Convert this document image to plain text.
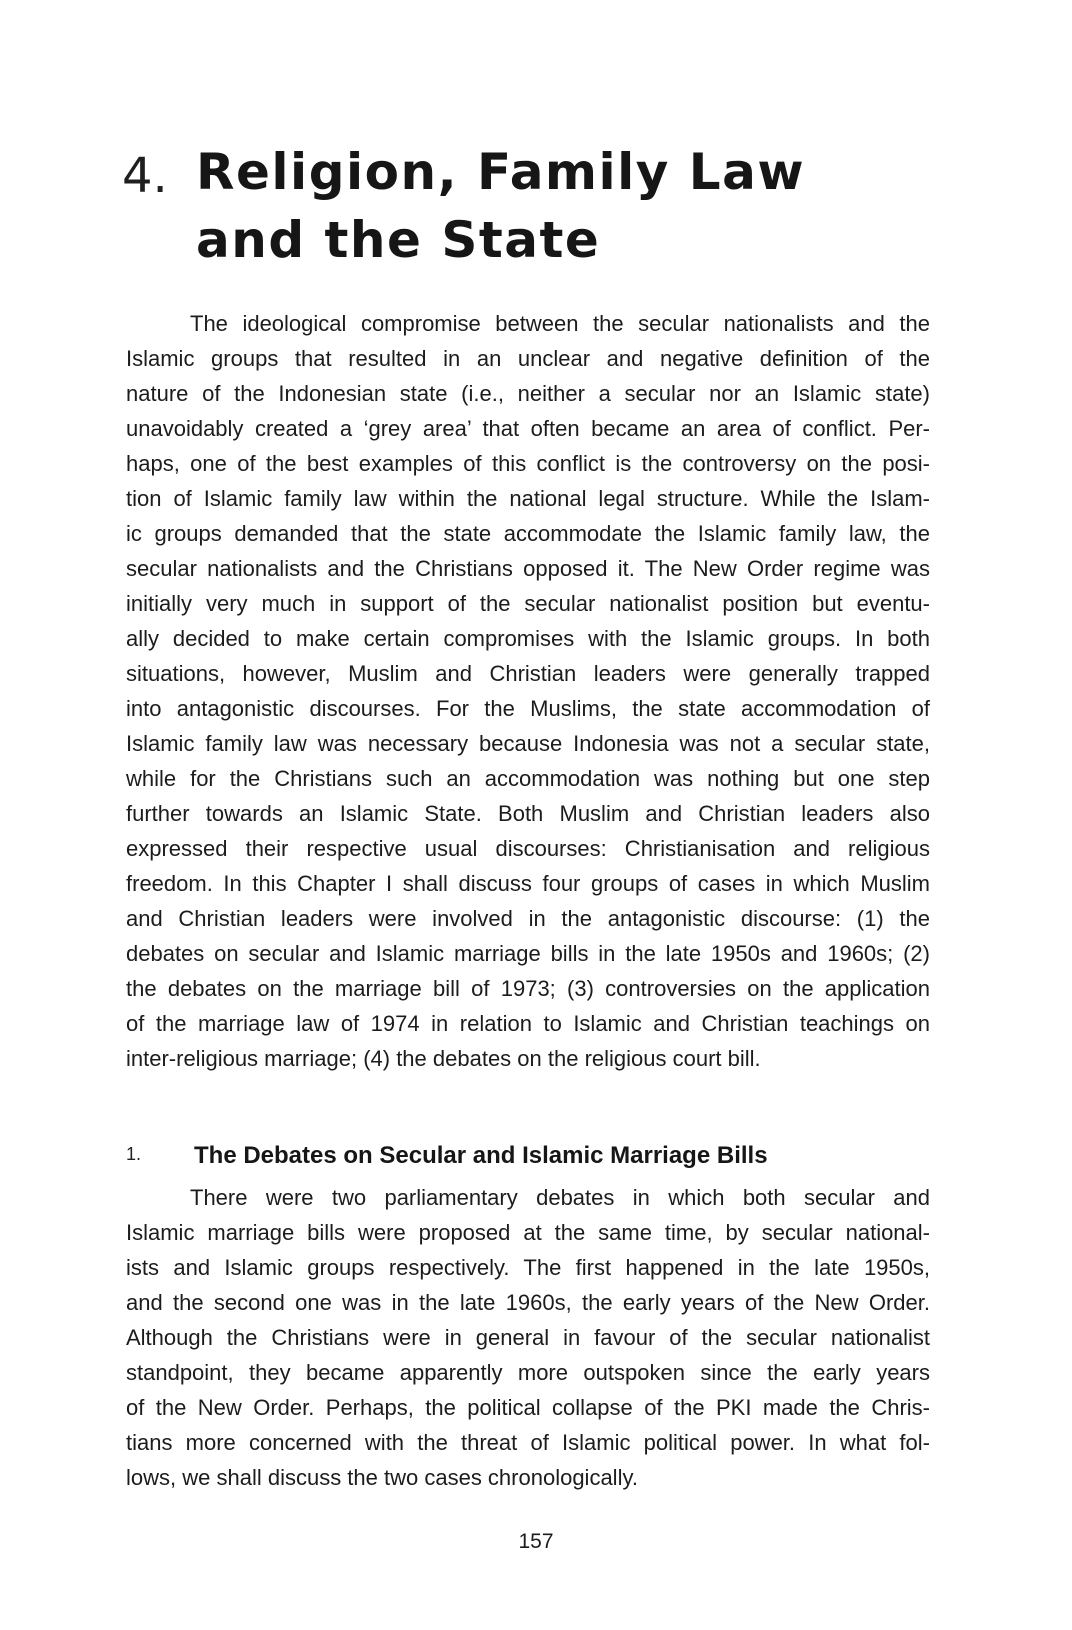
4. Religion, Family Law
and the State
The ideological compromise between the secular nationalists and the
Islamic groups that resulted in an unclear and negative definition of the
nature of the Indonesian state (i.e., neither a secular nor an Islamic state)
unavoidably created a ‘grey area’ that often became an area of conflict. Per-
haps, one of the best examples of this conflict is the controversy on the posi-
tion of Islamic family law within the national legal structure. While the Islam-
ic groups demanded that the state accommodate the Islamic family law, the
secular nationalists and the Christians opposed it. The New Order regime was
initially very much in support of the secular nationalist position but eventu-
ally decided to make certain compromises with the Islamic groups. In both
situations, however, Muslim and Christian leaders were generally trapped
into antagonistic discourses. For the Muslims, the state accommodation of
Islamic family law was necessary because Indonesia was not a secular state,
while for the Christians such an accommodation was nothing but one step
further towards an Islamic State. Both Muslim and Christian leaders also
expressed their respective usual discourses: Christianisation and religious
freedom. In this Chapter I shall discuss four groups of cases in which Muslim
and Christian leaders were involved in the antagonistic discourse: (1) the
debates on secular and Islamic marriage bills in the late 1950s and 1960s; (2)
the debates on the marriage bill of 1973; (3) controversies on the application
of the marriage law of 1974 in relation to Islamic and Christian teachings on
inter-religious marriage; (4) the debates on the religious court bill.
1. The Debates on Secular and Islamic Marriage Bills
There were two parliamentary debates in which both secular and
Islamic marriage bills were proposed at the same time, by secular national-
ists and Islamic groups respectively. The first happened in the late 1950s,
and the second one was in the late 1960s, the early years of the New Order.
Although the Christians were in general in favour of the secular nationalist
standpoint, they became apparently more outspoken since the early years
of the New Order. Perhaps, the political collapse of the PKI made the Chris-
tians more concerned with the threat of Islamic political power. In what fol-
lows, we shall discuss the two cases chronologically.
157
